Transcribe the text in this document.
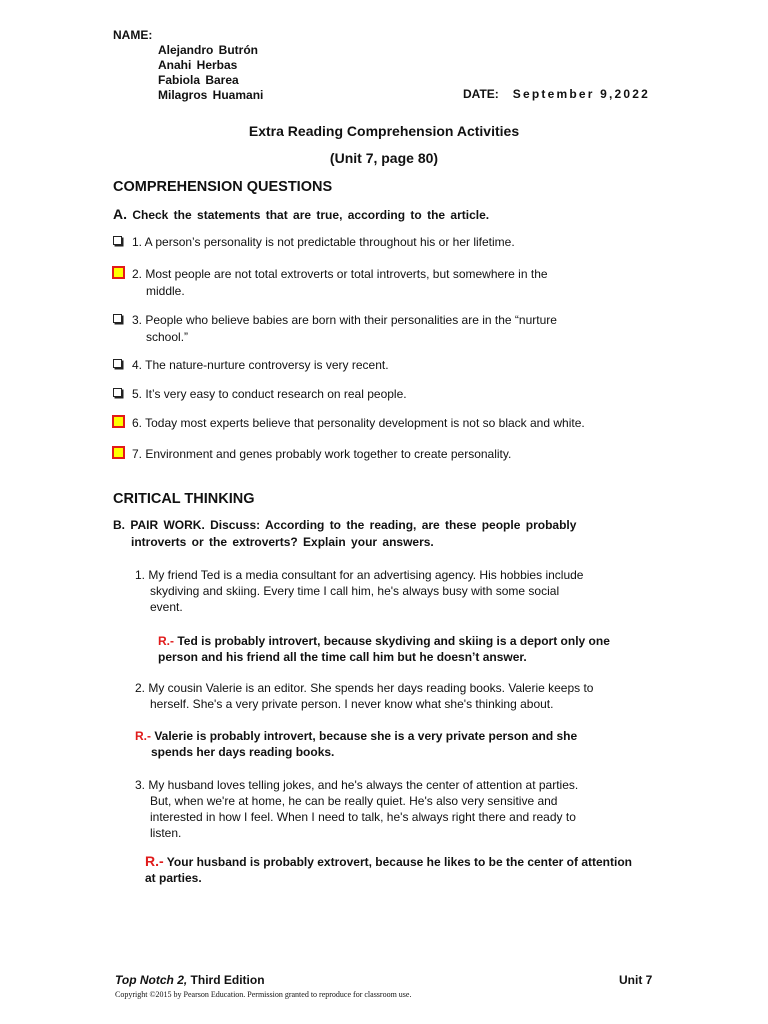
NAME:
Alejandro Butrón
Anahi Herbas
Fabiola Barea
Milagros Huamani	DATE: September 9,2022
Extra Reading Comprehension Activities
(Unit 7, page 80)
COMPREHENSION QUESTIONS
A. Check the statements that are true, according to the article.
1. A person’s personality is not predictable throughout his or her lifetime.
2. Most people are not total extroverts or total introverts, but somewhere in the
middle.
3. People who believe babies are born with their personalities are in the “nurture
school.”
4. The nature-nurture controversy is very recent.
5. It’s very easy to conduct research on real people.
6. Today most experts believe that personality development is not so black and white.
7. Environment and genes probably work together to create personality.
CRITICAL THINKING
B. PAIR WORK. Discuss: According to the reading, are these people probably
introverts or the extroverts? Explain your answers.
1. My friend Ted is a media consultant for an advertising agency. His hobbies include
skydiving and skiing. Every time I call him, he's always busy with some social
event.
R.- Ted is probably introvert, because skydiving and skiing is a deport only one
person and his friend all the time call him but he doesn’t answer.
2. My cousin Valerie is an editor. She spends her days reading books. Valerie keeps to
herself. She's a very private person. I never know what she's thinking about.
R.- Valerie is probably introvert, because she is a very private person and she
spends her days reading books.
3. My husband loves telling jokes, and he's always the center of attention at parties.
But, when we're at home, he can be really quiet. He's also very sensitive and
interested in how I feel. When I need to talk, he's always right there and ready to
listen.
R.- Your husband is probably extrovert, because he likes to be the center of attention
at parties.
Top Notch 2, Third Edition	Unit 7
Copyright ©2015 by Pearson Education. Permission granted to reproduce for classroom use.
